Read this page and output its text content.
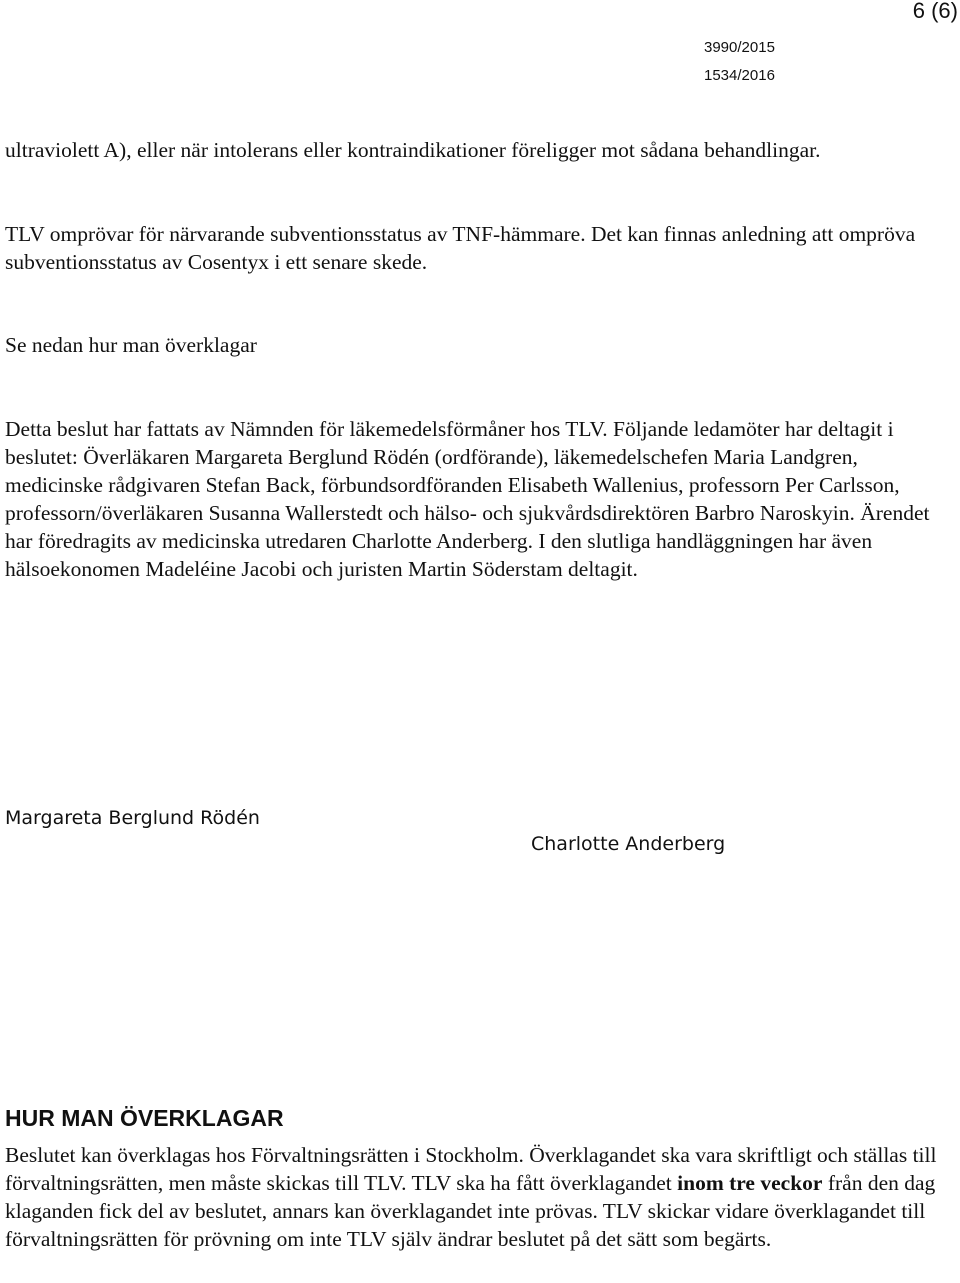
6 (6)
3990/2015
1534/2016

ultraviolett A), eller när intolerans eller kontraindikationer föreligger mot sådana behandlingar.

TLV omprövar för närvarande subventionsstatus av TNF-hämmare. Det kan finnas anledning att ompröva subventionsstatus av Cosentyx i ett senare skede.

Se nedan hur man överklagar

Detta beslut har fattats av Nämnden för läkemedelsförmåner hos TLV. Följande ledamöter har deltagit i beslutet: Överläkaren Margareta Berglund Rödén (ordförande), läkemedelschefen Maria Landgren, medicinske rådgivaren Stefan Back, förbundsordföranden Elisabeth Wallenius, professorn Per Carlsson, professorn/överläkaren Susanna Wallerstedt och hälso- och sjukvårdsdirektören Barbro Naroskyin. Ärendet har föredragits av medicinska utredaren Charlotte Anderberg. I den slutliga handläggningen har även hälsoekonomen Madeléine Jacobi och juristen Martin Söderstam deltagit.

Margareta Berglund Rödén
Charlotte Anderberg
HUR MAN ÖVERKLAGAR

Beslutet kan överklagas hos Förvaltningsrätten i Stockholm. Överklagandet ska vara skriftligt och ställas till förvaltningsrätten, men måste skickas till TLV. TLV ska ha fått överklagandet inom tre veckor från den dag klaganden fick del av beslutet, annars kan överklagandet inte prövas. TLV skickar vidare överklagandet till förvaltningsrätten för prövning om inte TLV själv ändrar beslutet på det sätt som begärts.
